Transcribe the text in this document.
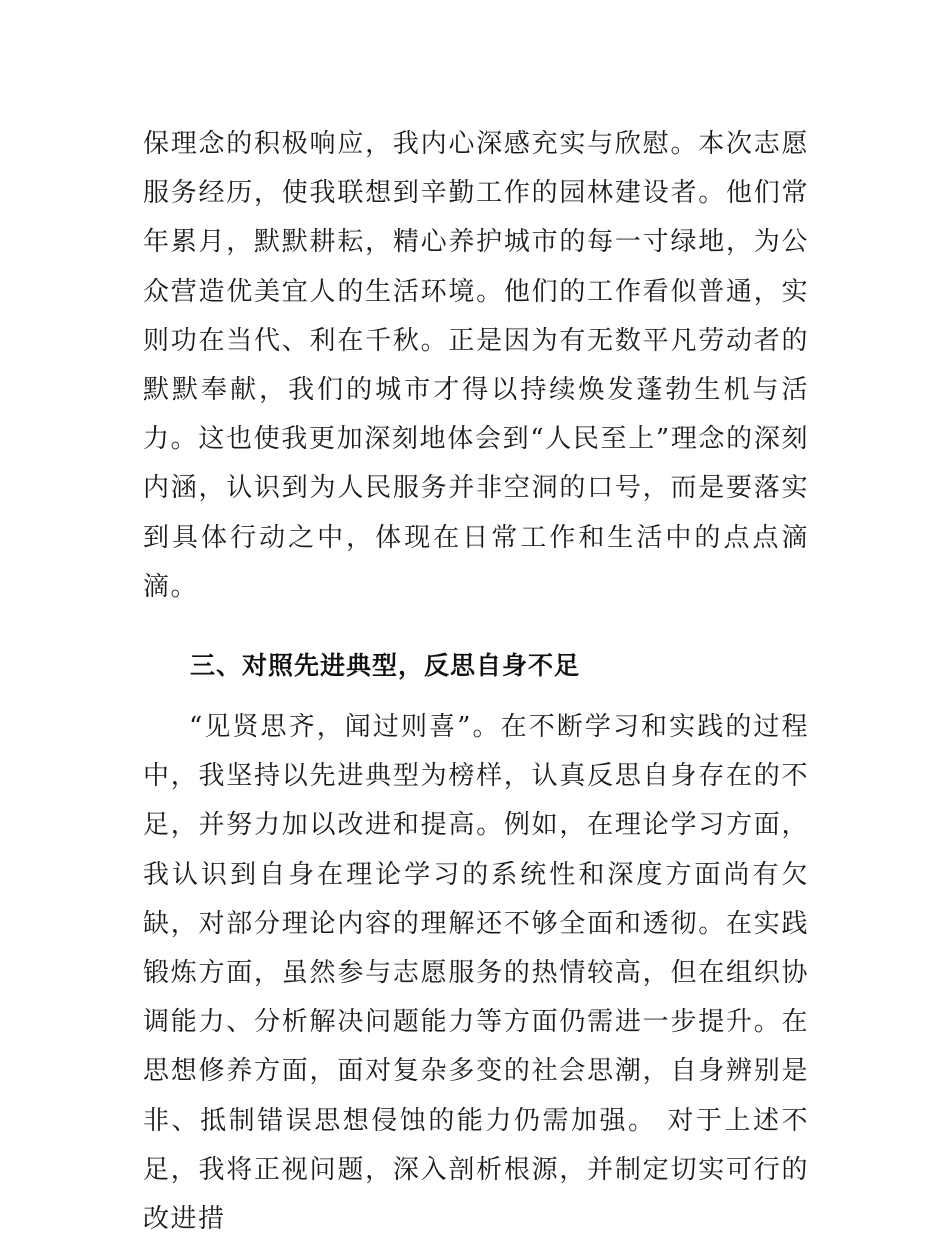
保理念的积极响应，我内心深感充实与欣慰。本次志愿服务经历，使我联想到辛勤工作的园林建设者。他们常年累月，默默耕耘，精心养护城市的每一寸绿地，为公众营造优美宜人的生活环境。他们的工作看似普通，实则功在当代、利在千秋。正是因为有无数平凡劳动者的默默奉献，我们的城市才得以持续焕发蓬勃生机与活力。这也使我更加深刻地体会到“人民至上”理念的深刻内涵，认识到为人民服务并非空洞的口号，而是要落实到具体行动之中，体现在日常工作和生活中的点点滴滴。

三、对照先进典型，反思自身不足

“见贤思齐，闻过则喜”。在不断学习和实践的过程中，我坚持以先进典型为榜样，认真反思自身存在的不足，并努力加以改进和提高。例如，在理论学习方面，我认识到自身在理论学习的系统性和深度方面尚有欠缺，对部分理论内容的理解还不够全面和透彻。在实践锻炼方面，虽然参与志愿服务的热情较高，但在组织协调能力、分析解决问题能力等方面仍需进一步提升。在思想修养方面，面对复杂多变的社会思潮，自身辨别是非、抵制错误思想侵蚀的能力仍需加强。 对于上述不足，我将正视问题，深入剖析根源，并制定切实可行的改进措
